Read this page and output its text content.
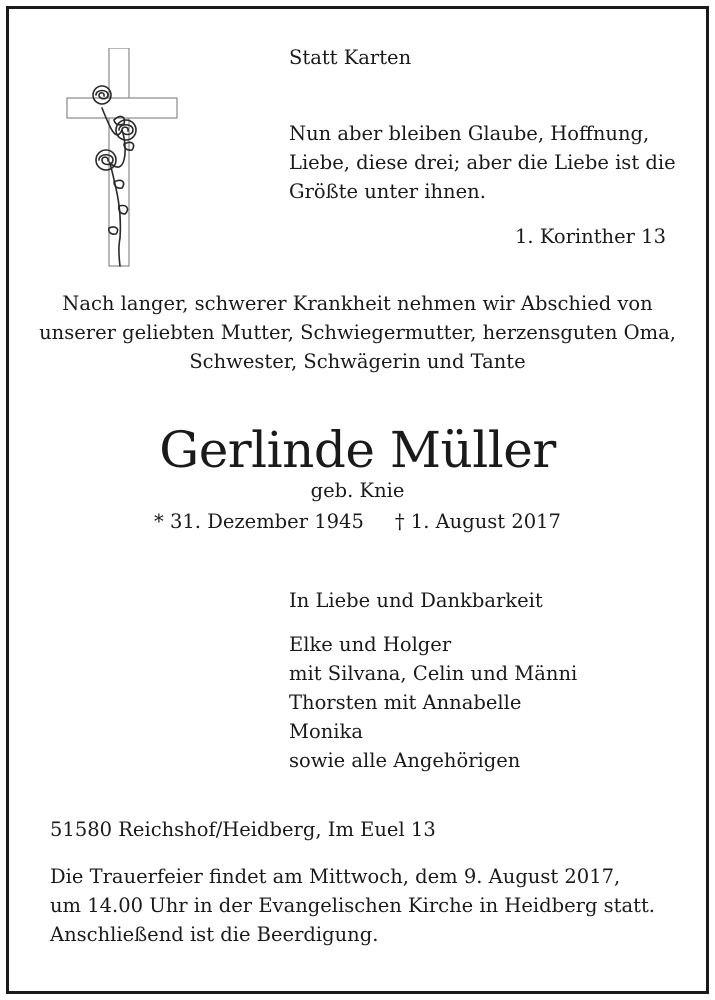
Statt Karten
Nun aber bleiben Glaube, Hoffnung,
Liebe, diese drei; aber die Liebe ist die
Größte unter ihnen.
1. Korinther 13
Nach langer, schwerer Krankheit nehmen wir Abschied von
unserer geliebten Mutter, Schwiegermutter, herzensguten Oma,
Schwester, Schwägerin und Tante
Gerlinde Müller
geb. Knie
* 31. Dezember 1945     † 1. August 2017
In Liebe und Dankbarkeit
Elke und Holger
mit Silvana, Celin und Männi
Thorsten mit Annabelle
Monika
sowie alle Angehörigen
51580 Reichshof/Heidberg, Im Euel 13
Die Trauerfeier findet am Mittwoch, dem 9. August 2017,
um 14.00 Uhr in der Evangelischen Kirche in Heidberg statt.
Anschließend ist die Beerdigung.
